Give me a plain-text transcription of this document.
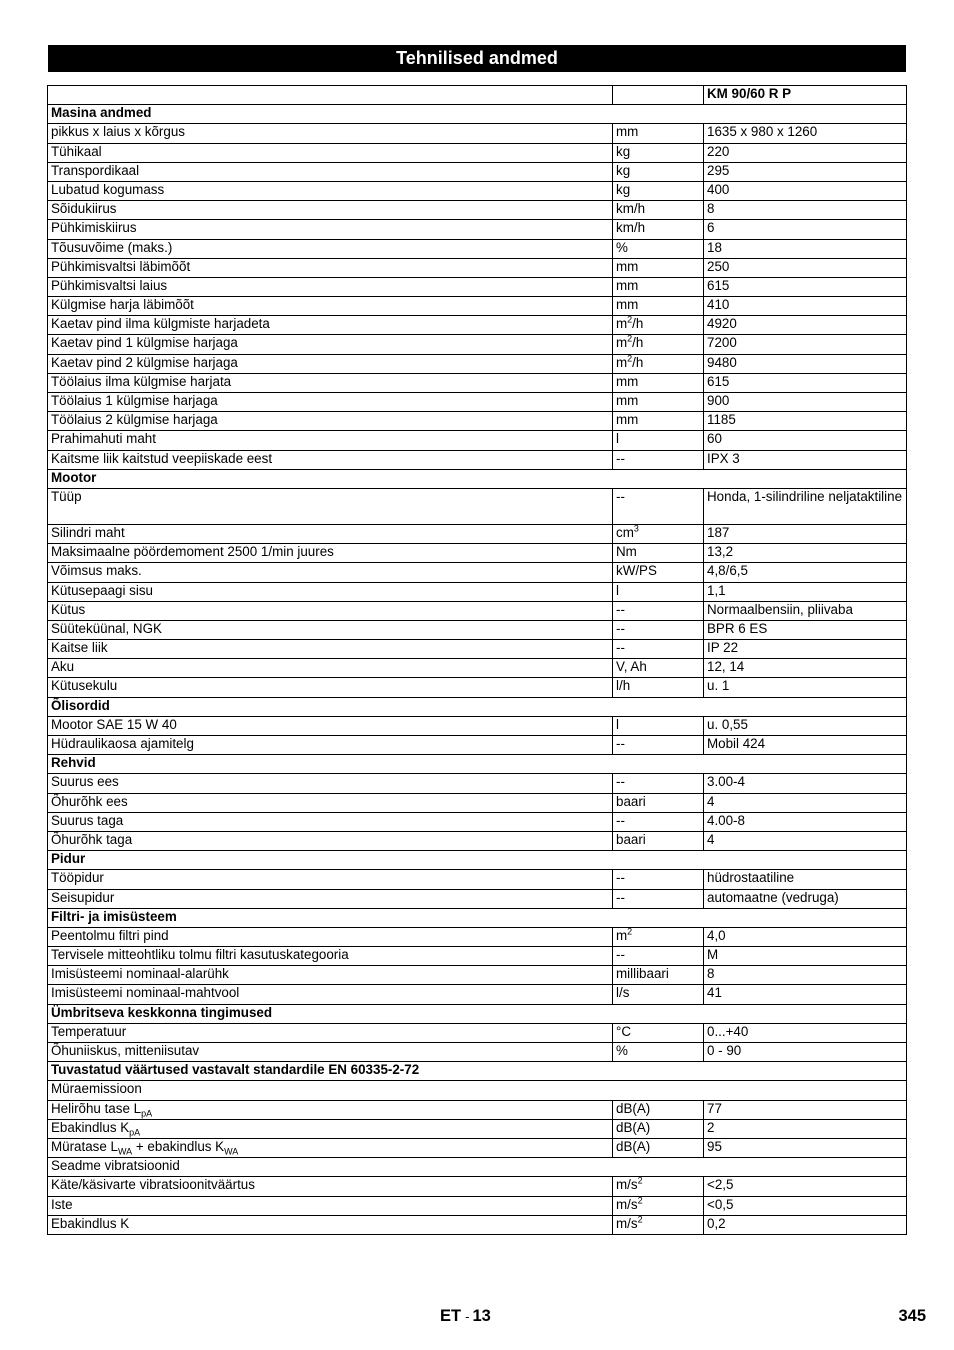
Tehnilised andmed
		KM 90/60 R P
Masina andmed		
pikkus x laius x kõrgus	mm	1635 x 980 x 1260
Tühikaal	kg	220
Transpordikaal	kg	295
Lubatud kogumass	kg	400
Sõidukiirus	km/h	8
Pühkimiskiirus	km/h	6
Tõusuvõime (maks.)	%	18
Pühkimisvaltsi läbimõõt	mm	250
Pühkimisvaltsi laius	mm	615
Külgmise harja läbimõõt	mm	410
Kaetav pind ilma külgmiste harjadeta	$m^2/h$	4920
Kaetav pind 1 külgmise harjaga	$m^2/h$	7200
Kaetav pind 2 külgmise harjaga	$m^2/h$	9480
Töölaius ilma külgmise harjata	mm	615
Töölaius 1 külgmise harjaga	mm	900
Töölaius 2 külgmise harjaga	mm	1185
Prahimahuti maht	l	60
Kaitsme liik kaitstud veepiiskade eest	--	IPX 3
Mootor		
Tüüp	--	Honda, 1-silindriline neljataktiline
Silindri maht	$cm^3$	187
Maksimaalne pöördemoment 2500 1/min juures	Nm	13,2
Võimsus maks.	kW/PS	4,8/6,5
Kütusepaagi sisu	l	1,1
Kütus	--	Normaalbensiin, pliivaba
Süüteküünal, NGK	--	BPR 6 ES
Kaitse liik	--	IP 22
Aku	V, Ah	12, 14
Kütusekulu	l/h	u. 1
Õlisordid		
Mootor SAE 15 W 40	l	u. 0,55
Hüdraulikaosa ajamitelg	--	Mobil 424
Rehvid		
Suurus ees	--	3.00-4
Õhurõhk ees	baari	4
Suurus taga	--	4.00-8
Õhurõhk taga	baari	4
Pidur		
Tööpidur	--	hüdrostaatiline
Seisupidur	--	automaatne (vedruga)
Filtri- ja imisüsteem		
Peentolmu filtri pind	$m^2$	4,0
Tervisele mitteohtliku tolmu filtri kasutuskategooria	--	M
Imisüsteemi nominaal-alarühk	millibaari	8
Imisüsteemi nominaal-mahtvool	l/s	41
Ümbritseva keskkonna tingimused		
Temperatuur	°C	0...+40
Õhuniiskus, mitteniisutav	%	0 - 90
Tuvastatud väärtused vastavalt standardile EN 60335-2-72		
Müraemissioon		
Helirõhu tase $L_{pA}$	dB(A)	77
Ebakindlus $K_{pA}$	dB(A)	2
Müratase $L_{WA}$ + ebakindlus $K_{WA}$	dB(A)	95
Seadme vibratsioonid		
Käte/käsivarte vibratsioonitväärtus	$m/s^2$	<2,5
Iste	$m/s^2$	<0,5
Ebakindlus K	$m/s^2$	0,2
ET - 13	345
